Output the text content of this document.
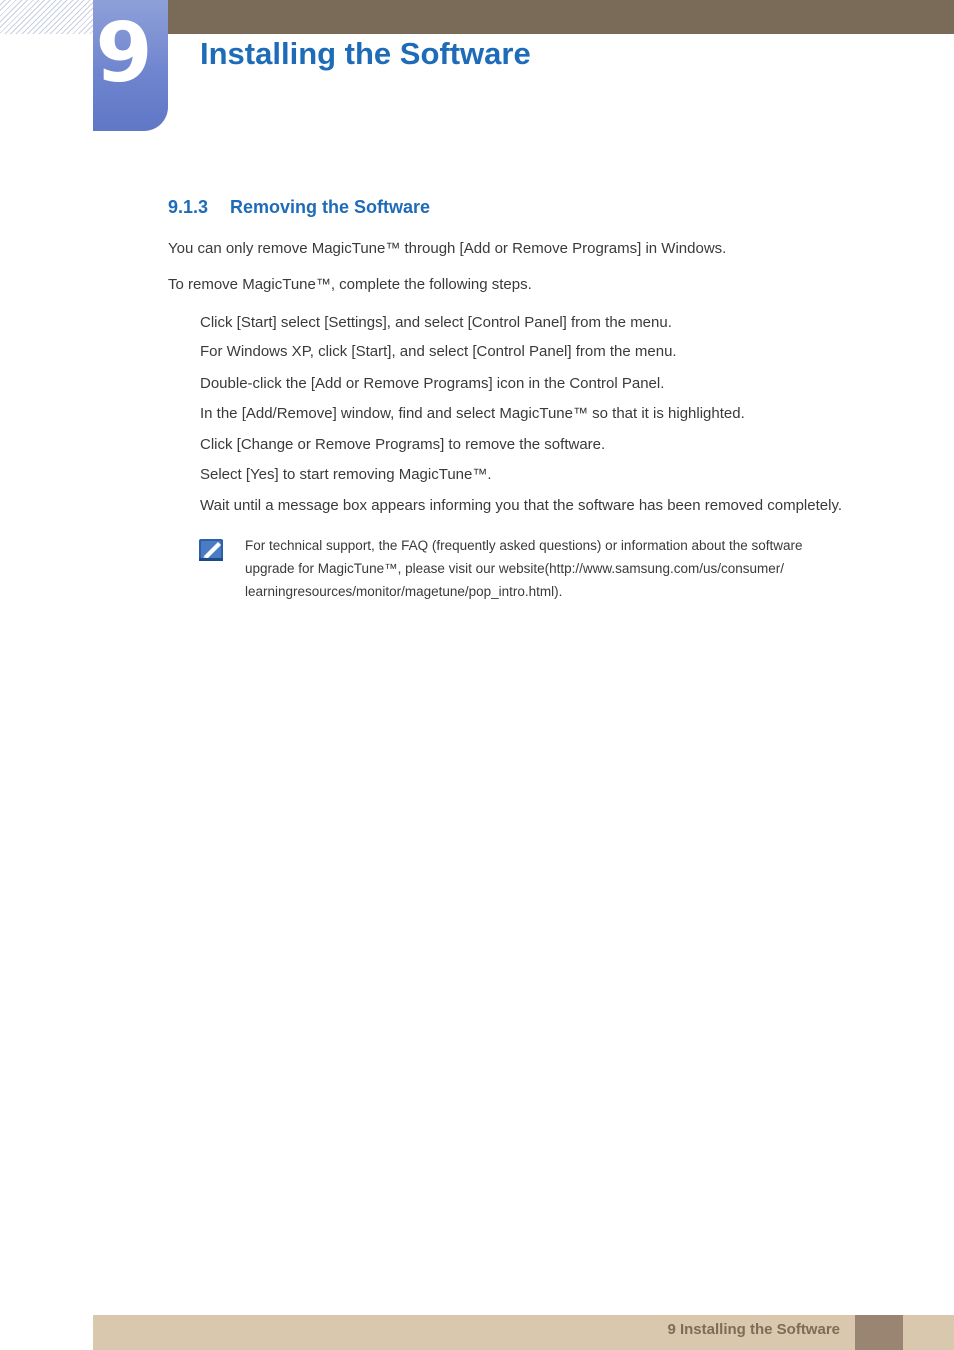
9 Installing the Software
9.1.3 Removing the Software
You can only remove MagicTune™ through [Add or Remove Programs] in Windows.
To remove MagicTune™, complete the following steps.
Click [Start] select [Settings], and select [Control Panel] from the menu.
For Windows XP, click [Start], and select [Control Panel] from the menu.
Double-click the [Add or Remove Programs] icon in the Control Panel.
In the [Add/Remove] window, find and select MagicTune™ so that it is highlighted.
Click [Change or Remove Programs] to remove the software.
Select [Yes] to start removing MagicTune™.
Wait until a message box appears informing you that the software has been removed completely.
For technical support, the FAQ (frequently asked questions) or information about the software
upgrade for MagicTune™, please visit our website(http://www.samsung.com/us/consumer/
learningresources/monitor/magetune/pop_intro.html).
9 Installing the Software
